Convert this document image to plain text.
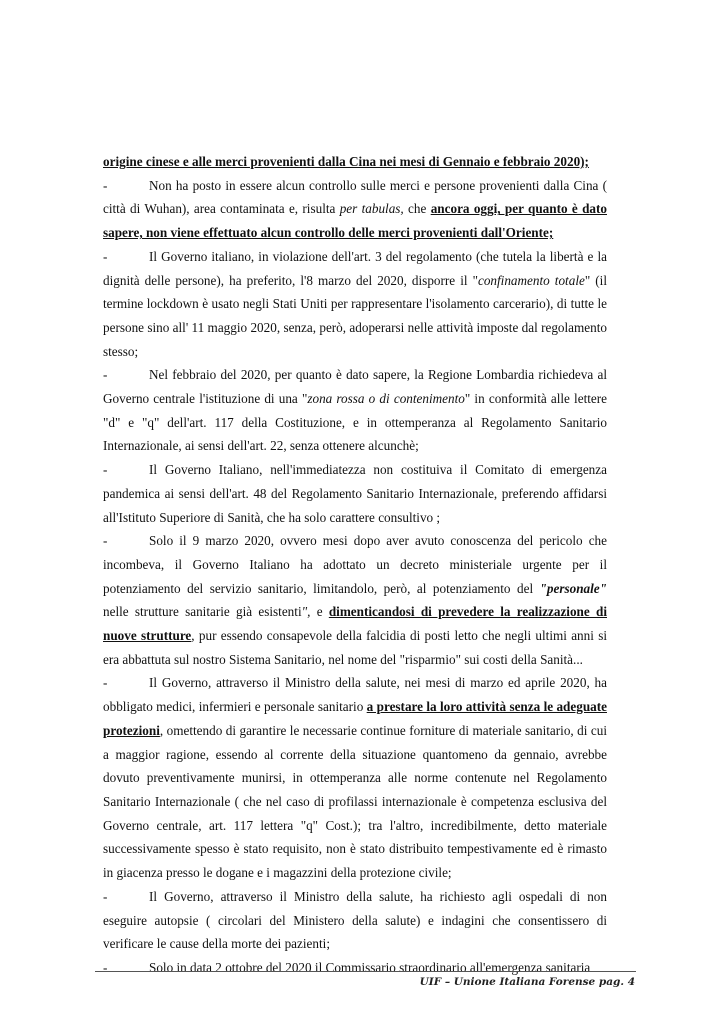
origine cinese e alle merci provenienti dalla Cina nei mesi di Gennaio e febbraio 2020);

-	Non ha posto in essere alcun controllo sulle merci e persone provenienti dalla Cina ( città di Wuhan), area contaminata e, risulta per tabulas, che ancora oggi, per quanto è dato sapere, non viene effettuato alcun controllo delle merci provenienti dall'Oriente;

-	Il Governo italiano, in violazione dell'art. 3 del regolamento (che tutela la libertà e la dignità delle persone), ha preferito, l'8 marzo del 2020, disporre il "confinamento totale" (il termine lockdown è usato negli Stati Uniti per rappresentare l'isolamento carcerario), di tutte le persone sino all' 11 maggio 2020, senza, però, adoperarsi nelle attività imposte dal regolamento stesso;

-	Nel febbraio del 2020, per quanto è dato sapere, la Regione Lombardia richiedeva al Governo centrale l'istituzione di una "zona rossa o di contenimento" in conformità alle lettere "d" e "q" dell'art. 117 della Costituzione, e in ottemperanza al Regolamento Sanitario Internazionale, ai sensi dell'art. 22, senza ottenere alcunchè;

-	Il Governo Italiano, nell'immediatezza non costituiva il Comitato di emergenza pandemica ai sensi dell'art. 48 del Regolamento Sanitario Internazionale, preferendo affidarsi all'Istituto Superiore di Sanità, che ha solo carattere consultivo ;

-	Solo il 9 marzo 2020, ovvero mesi dopo aver avuto conoscenza del pericolo che incombeva, il Governo Italiano ha adottato un decreto ministeriale urgente per il potenziamento del servizio sanitario, limitandolo, però, al potenziamento del "personale" nelle strutture sanitarie già esistenti", e dimenticandosi di prevedere la realizzazione di nuove strutture, pur essendo consapevole della falcidia di posti letto che negli ultimi anni si era abbattuta sul nostro Sistema Sanitario, nel nome del "risparmio" sui costi della Sanità...

-	Il Governo, attraverso il Ministro della salute, nei mesi di marzo ed aprile 2020, ha obbligato medici, infermieri e personale sanitario a prestare la loro attività senza le adeguate protezioni, omettendo di garantire le necessarie continue forniture di materiale sanitario, di cui a maggior ragione, essendo al corrente della situazione quantomeno da gennaio, avrebbe dovuto preventivamente munirsi, in ottemperanza alle norme contenute nel Regolamento Sanitario Internazionale ( che nel caso di profilassi internazionale è competenza esclusiva del Governo centrale, art. 117 lettera "q" Cost.); tra l'altro, incredibilmente, detto materiale successivamente spesso è stato requisito, non è stato distribuito tempestivamente ed è rimasto in giacenza presso le dogane e i magazzini della protezione civile;

-	Il Governo, attraverso il Ministro della salute, ha richiesto agli ospedali di non eseguire autopsie ( circolari del Ministero della salute) e indagini che consentissero di verificare le cause della morte dei pazienti;

-	Solo in data 2 ottobre del 2020 il Commissario straordinario all'emergenza sanitaria

UIF – Unione Italiana Forense pag. 4
